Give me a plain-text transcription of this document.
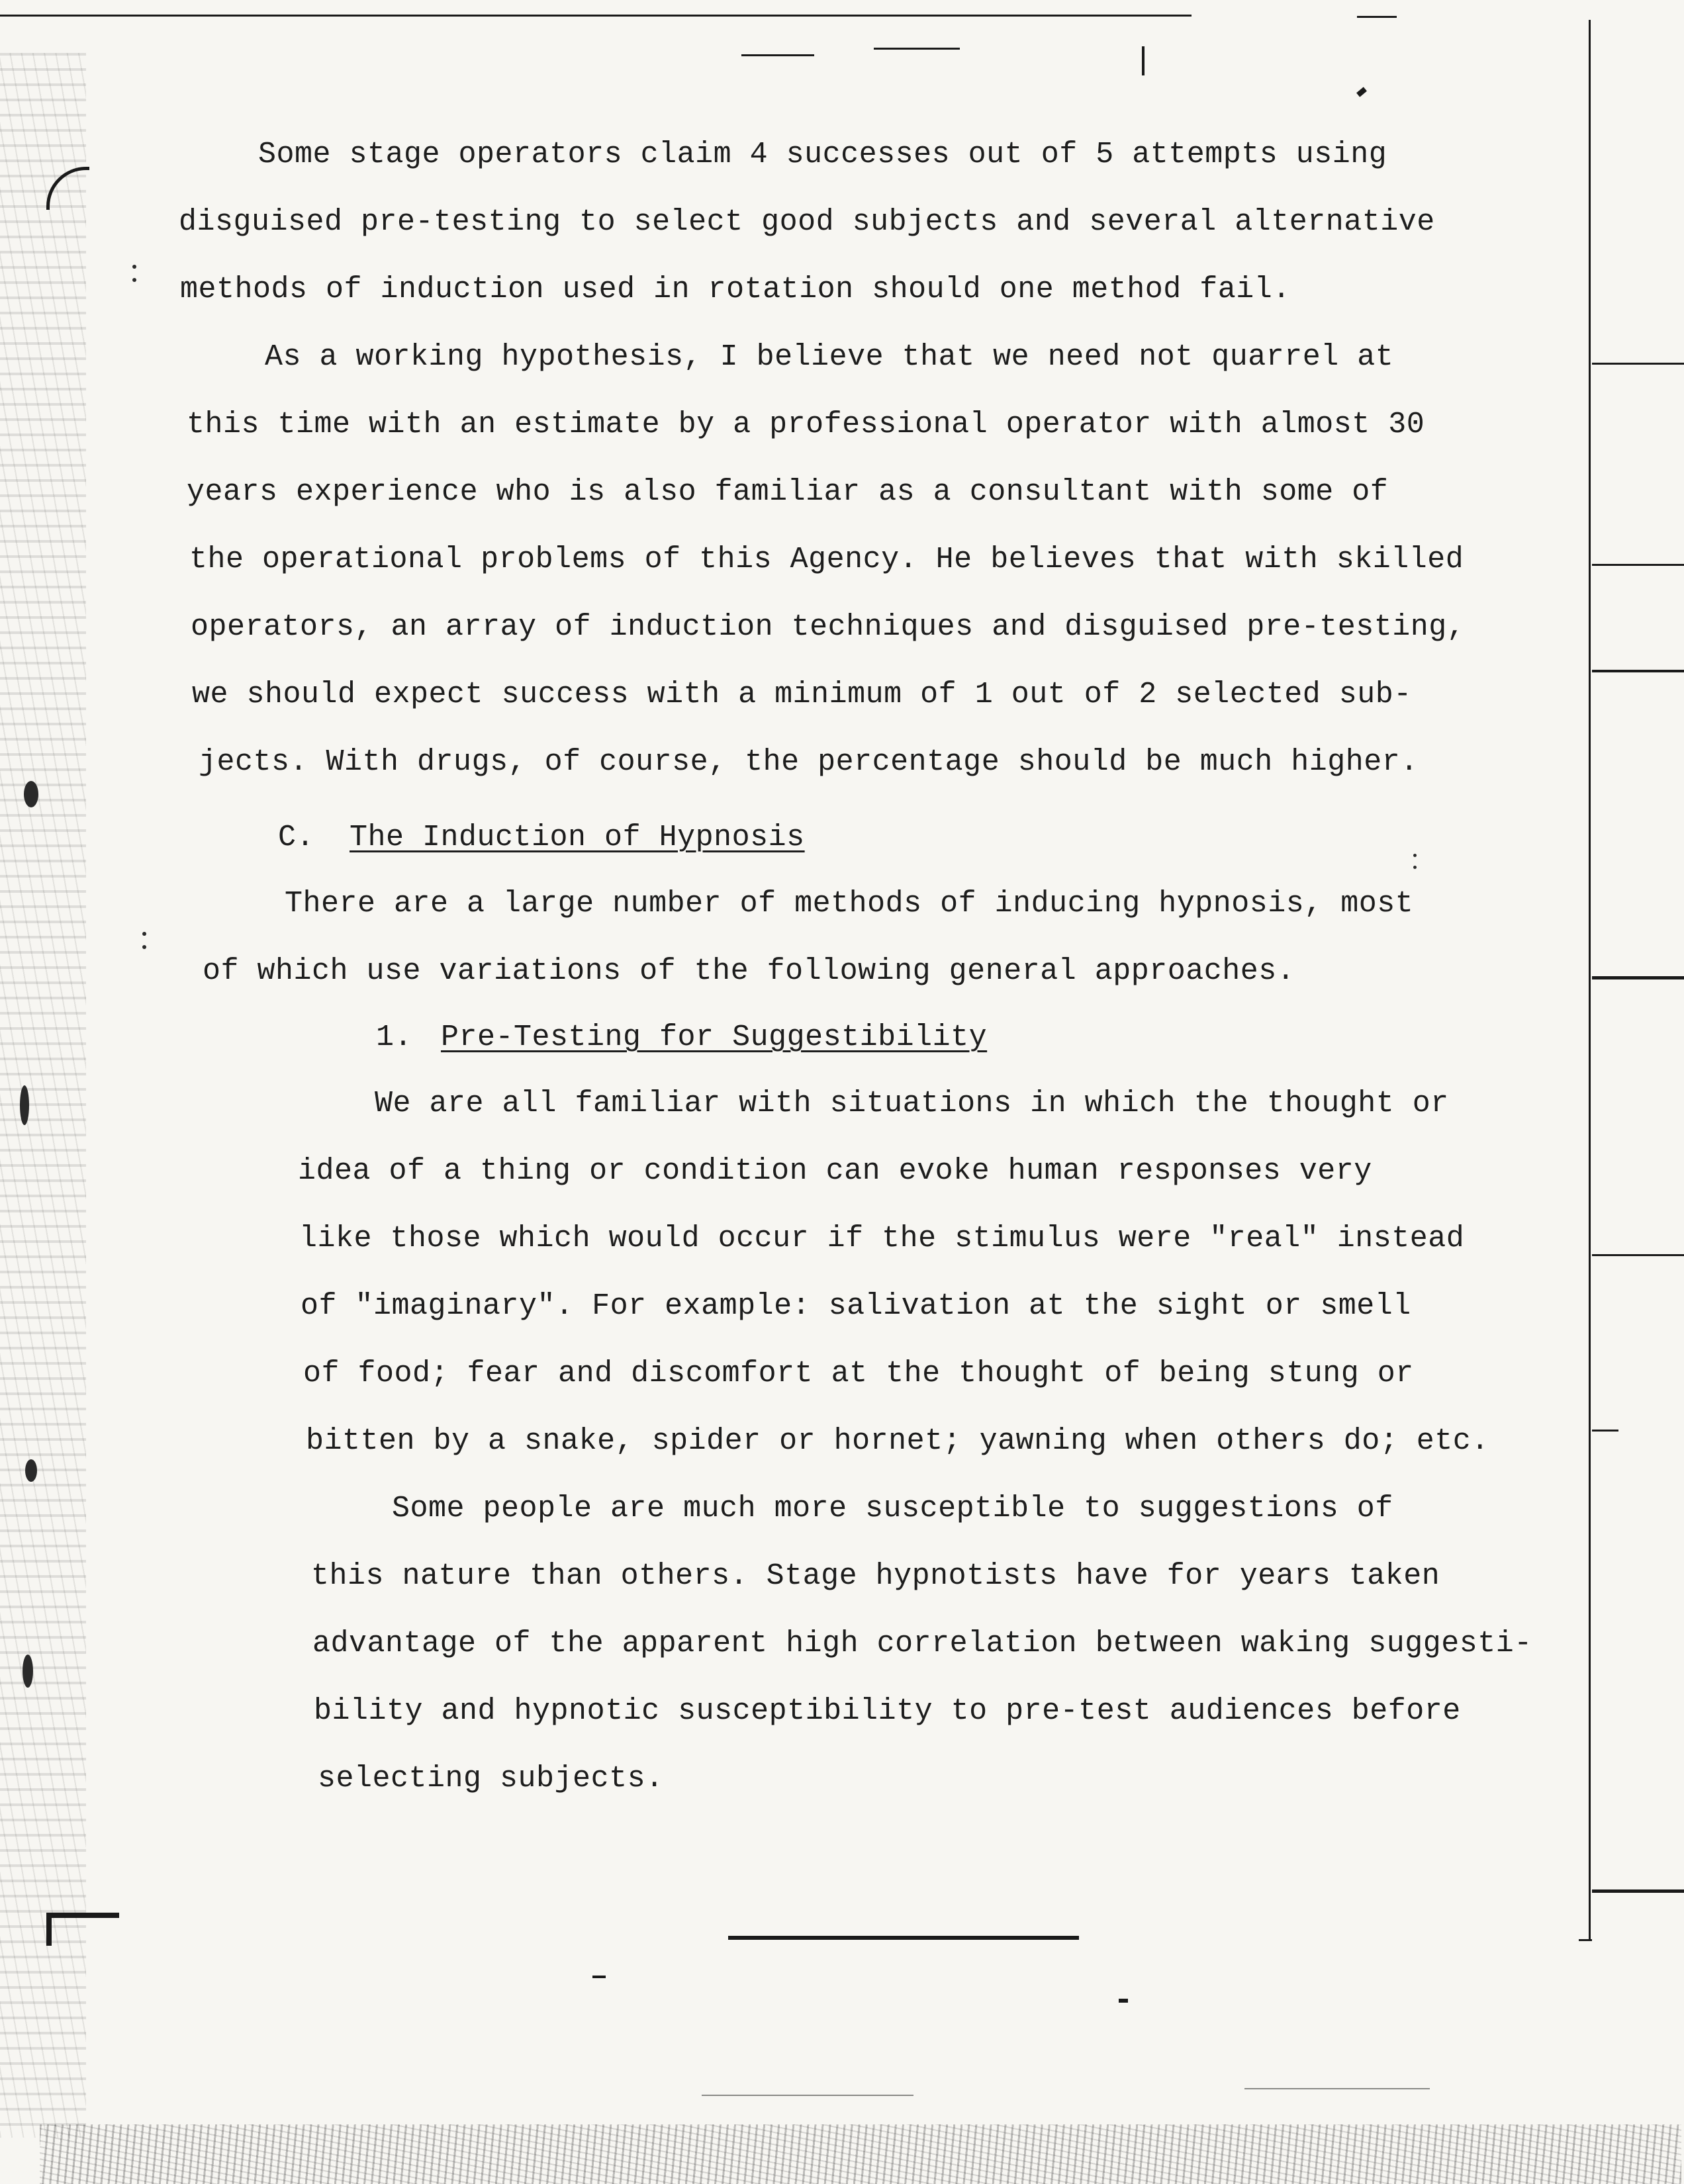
Some stage operators claim 4 successes out of 5 attempts using
disguised pre-testing to select good subjects and several alternative
methods of induction used in rotation should one method fail.
As a working hypothesis, I believe that we need not quarrel at
this time with an estimate by a professional operator with almost 30
years experience who is also familiar as a consultant with some of
the operational problems of this Agency. He believes that with skilled
operators, an array of induction techniques and disguised pre-testing,
we should expect success with a minimum of 1 out of 2 selected sub-
jects. With drugs, of course, the percentage should be much higher.
C. The Induction of Hypnosis
There are a large number of methods of inducing hypnosis, most
of which use variations of the following general approaches.
1. Pre-Testing for Suggestibility
We are all familiar with situations in which the thought or
idea of a thing or condition can evoke human responses very
like those which would occur if the stimulus were "real" instead
of "imaginary". For example: salivation at the sight or smell
of food; fear and discomfort at the thought of being stung or
bitten by a snake, spider or hornet; yawning when others do; etc.
Some people are much more susceptible to suggestions of
this nature than others. Stage hypnotists have for years taken
advantage of the apparent high correlation between waking suggesti-
bility and hypnotic susceptibility to pre-test audiences before
selecting subjects.
